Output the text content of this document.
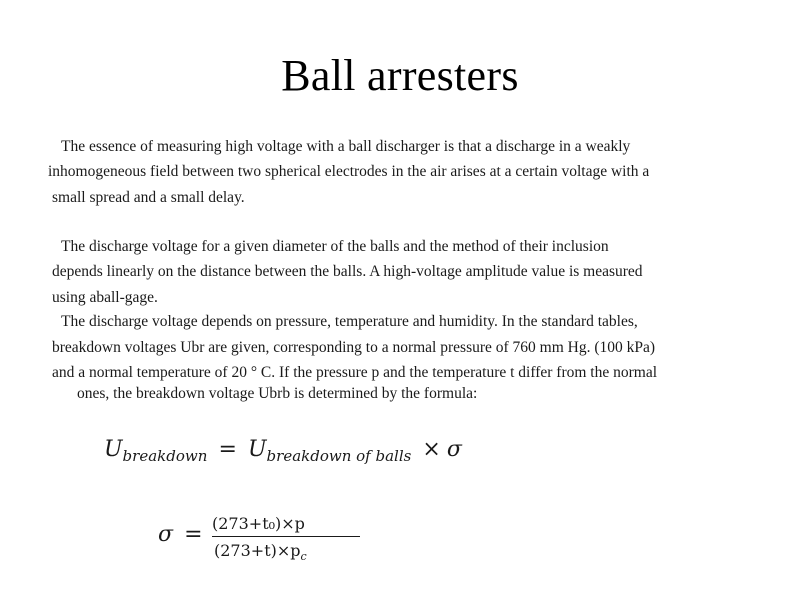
Ball arresters
The essence of measuring high voltage with a ball discharger is that a discharge in a weakly
inhomogeneous field between two spherical electrodes in the air arises at a certain voltage with a
small spread and a small delay.
The discharge voltage for a given diameter of the balls and the method of their inclusion
depends linearly on the distance between the balls. A high-voltage amplitude value is measured
using aball-gage.
The discharge voltage depends on pressure, temperature and humidity. In the standard tables,
breakdown voltages Ubr are given, corresponding to a normal pressure of 760 mm Hg. (100 kPa)
and a normal temperature of 20 ° C. If the pressure p and the temperature t differ from the normal
ones, the breakdown voltage Ubrb is determined by the formula:
Ubreakdown = Ubreakdown of balls × σ
σ = (273+t₀)×p
$(273+t)\times p_c$
